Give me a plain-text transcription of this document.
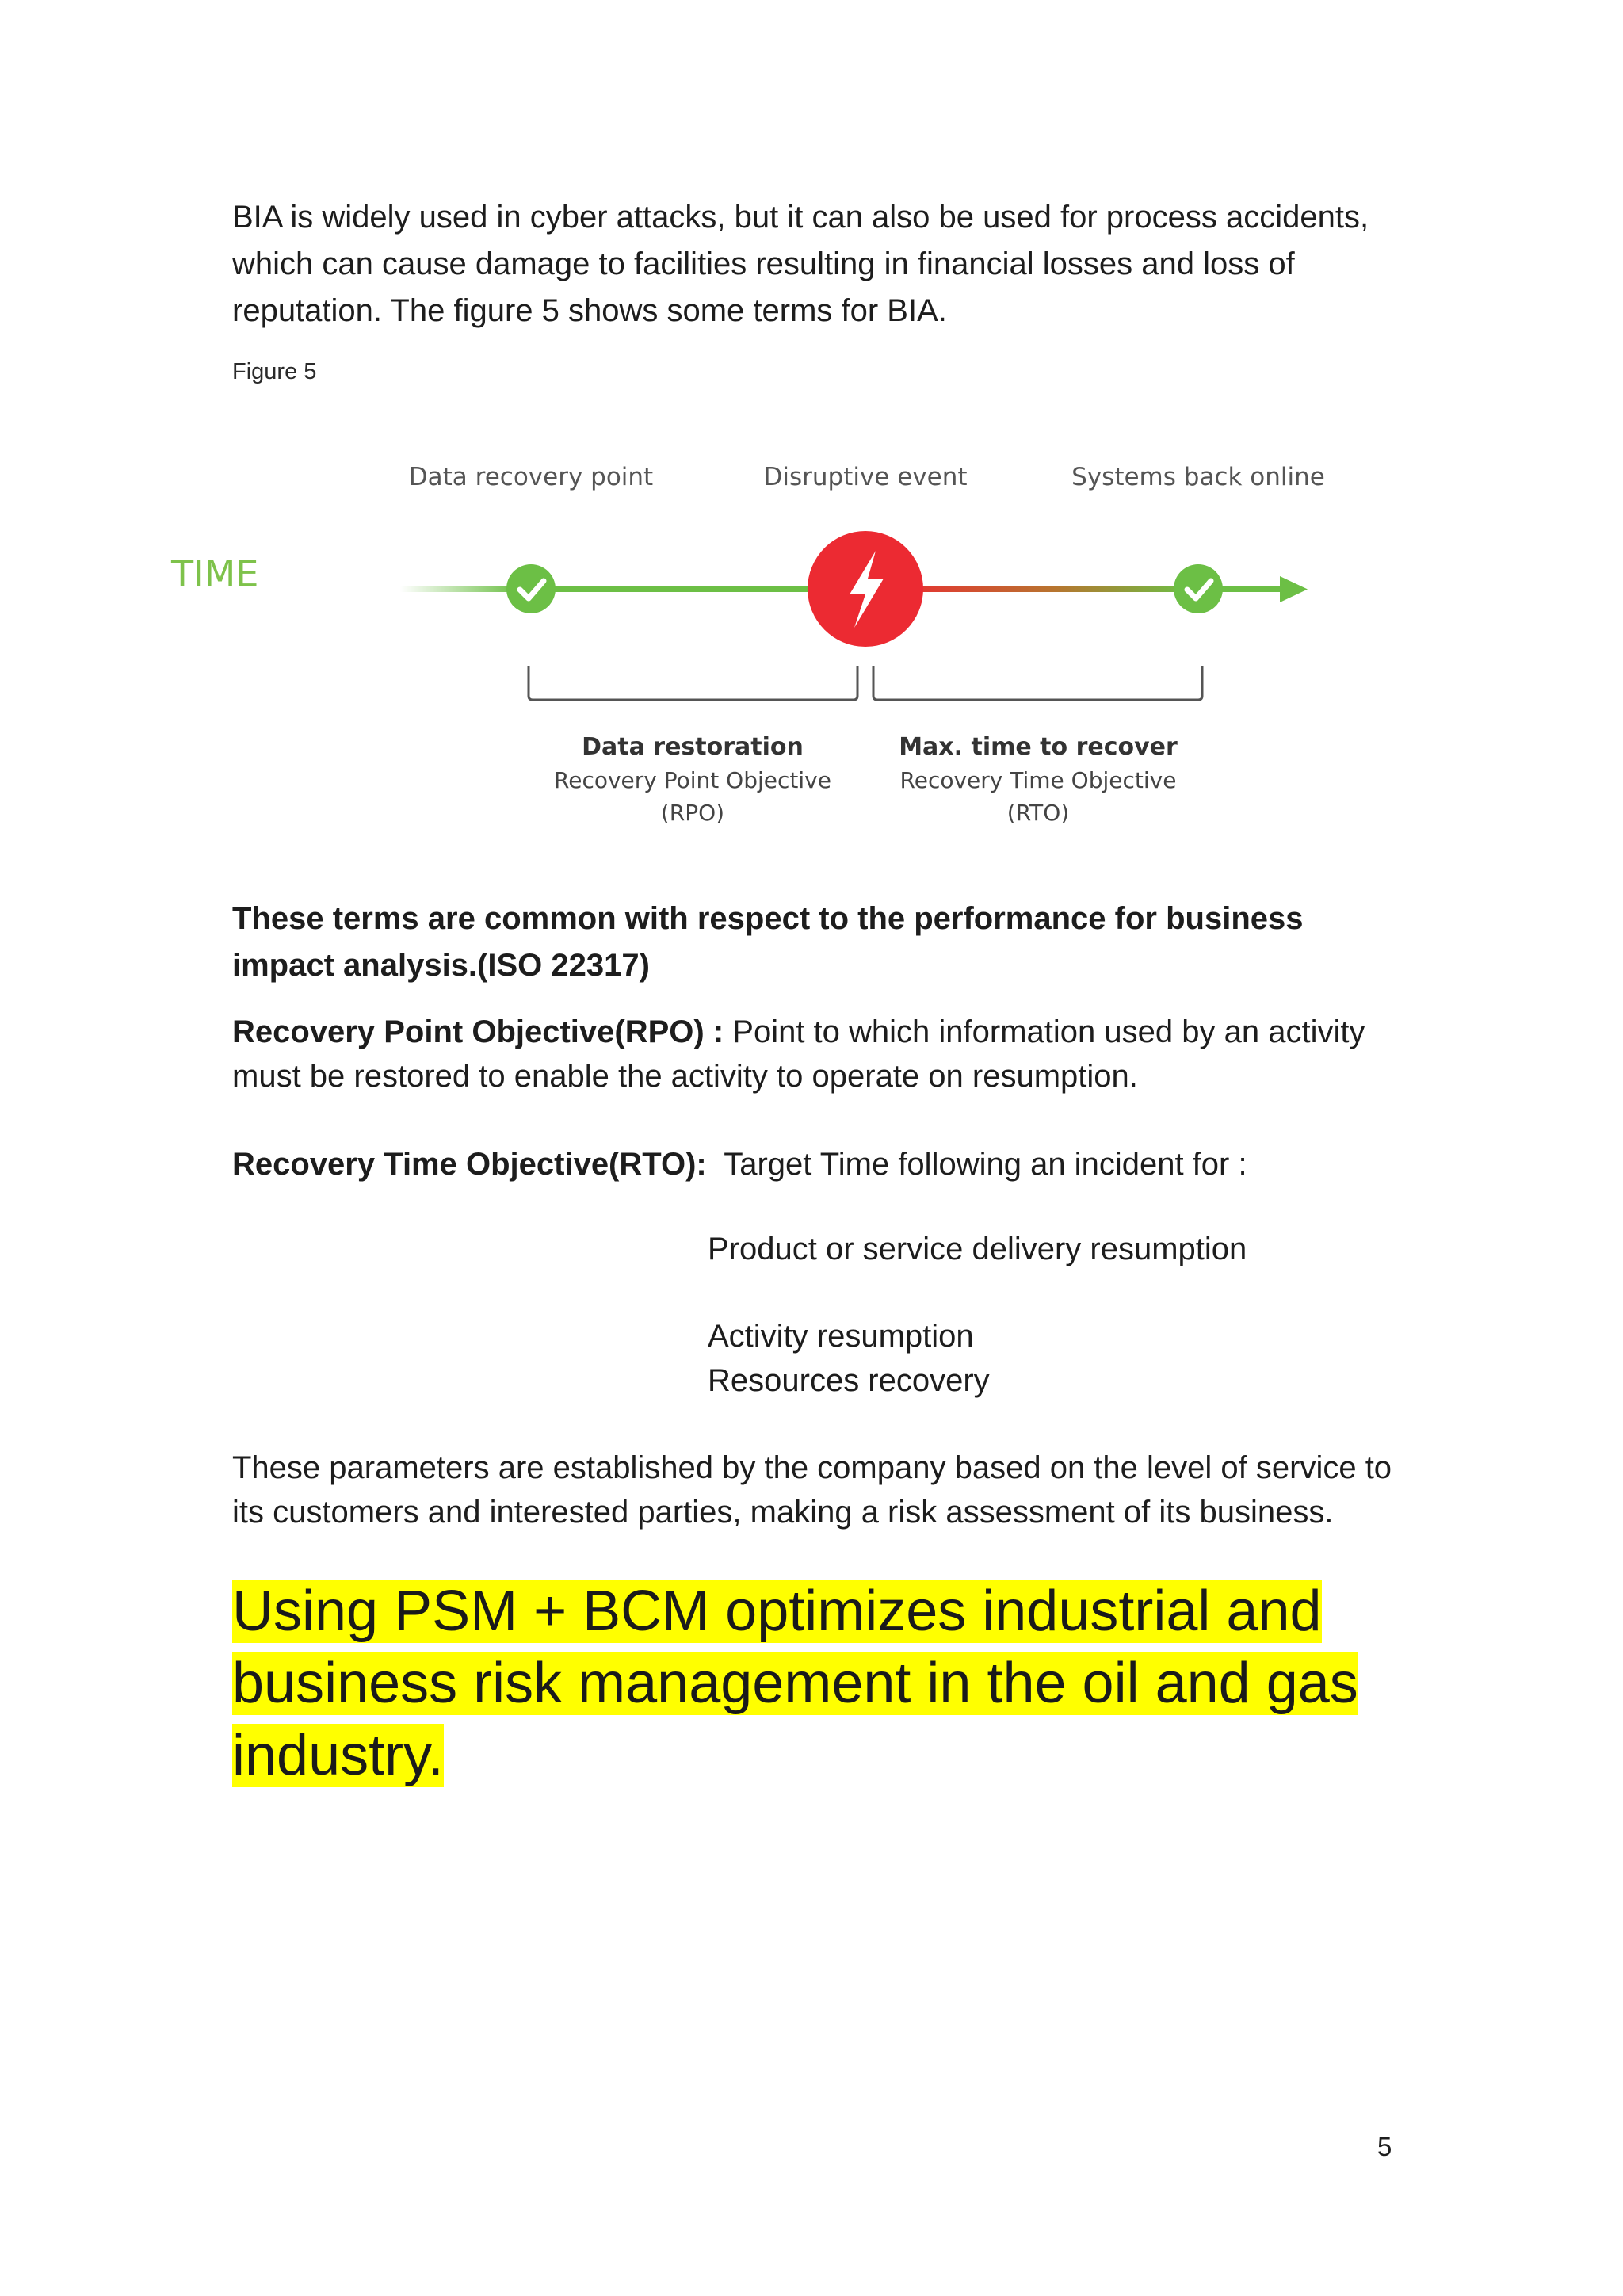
BIA is widely used in cyber attacks, but it can also be used for process accidents, which can cause damage to facilities resulting in financial losses and loss of reputation. The figure 5 shows some terms for BIA.

Figure 5

Data recovery point	Disruptive event	Systems back online
TIME
Data restoration
Recovery Point Objective
(RPO)
Max. time to recover
Recovery Time Objective
(RTO)

These terms are common with respect to the performance for business impact analysis.(ISO 22317)

Recovery Point Objective(RPO) : Point to which information used by an activity must be restored to enable the activity to operate on resumption.

Recovery Time Objective(RTO):  Target Time following an incident for :

Product or service delivery resumption

Activity resumption

Resources recovery

These parameters are established by the company based on the level of service to its customers and interested parties, making a risk assessment of its business.

Using PSM + BCM optimizes industrial and business risk management in the oil and gas industry.

5
